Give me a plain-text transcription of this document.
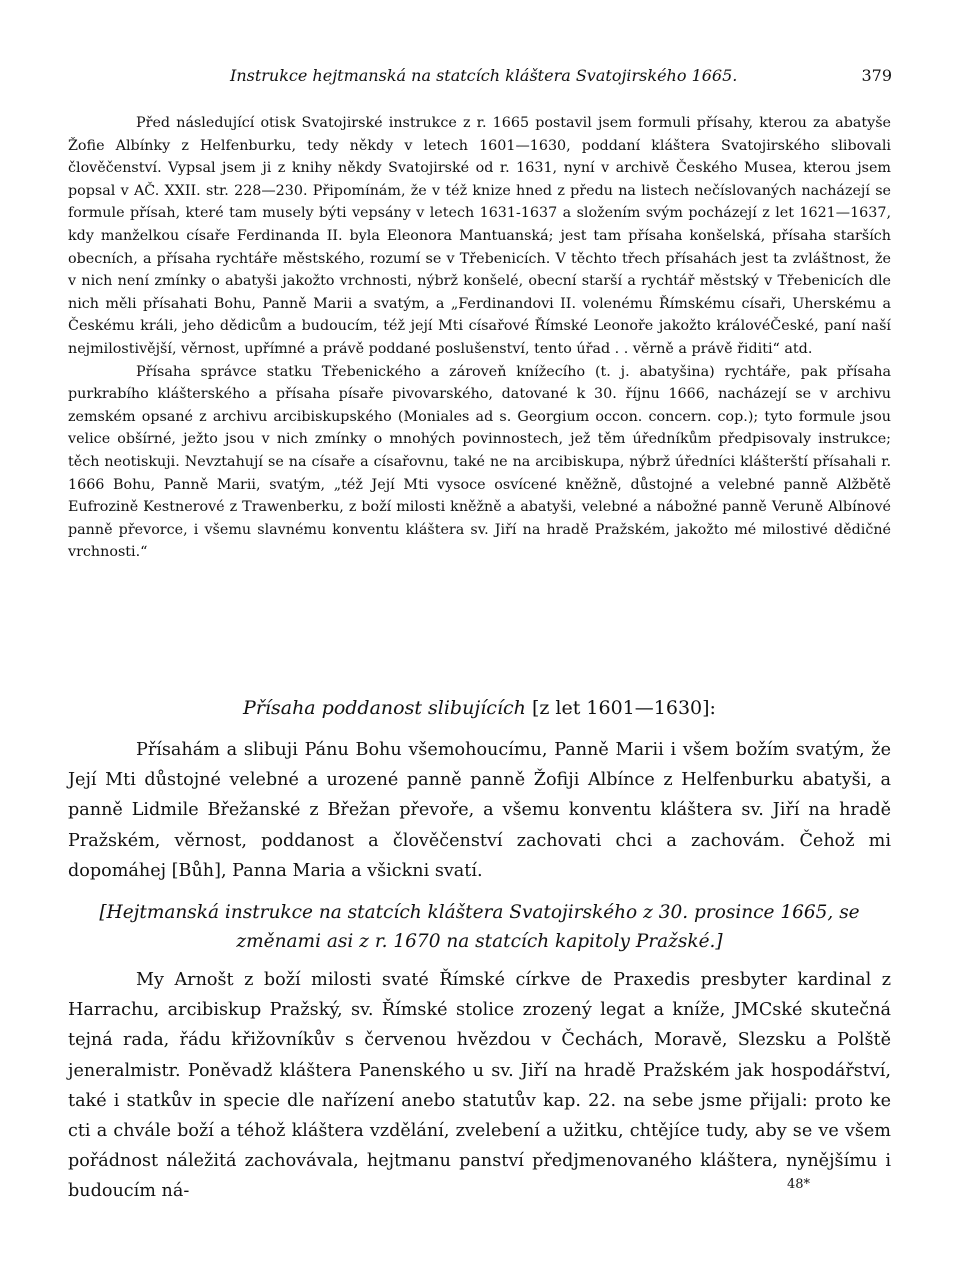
Instrukce hejtmanská na statcích kláštera Svatojirského 1665.	379

Před následující otisk Svatojirské instrukce z r. 1665 postavil jsem formuli přísahy, kterou za abatyše Žofie Albínky z Helfenburku, tedy někdy v letech 1601—1630, poddaní kláštera Svatojirského slibovali člověčenství. Vypsal jsem ji z knihy někdy Svatojirské od r. 1631, nyní v archivě Českého Musea, kterou jsem popsal v AČ. XXII. str. 228—230. Připomínám, že v též knize hned z předu na listech nečíslovaných nacházejí se formule přísah, které tam musely býti vepsány v letech 1631-1637 a složením svým pocházejí z let 1621—1637, kdy manželkou císaře Ferdinanda II. byla Eleonora Mantuanská; jest tam přísaha konšelská, přísaha starších obecních, a přísaha rychtáře městského, rozumí se v Třebenicích. V těchto třech přísahách jest ta zvláštnost, že v nich není zmínky o abatyši jakožto vrchnosti, nýbrž konšelé, obecní starší a rychtář městský v Třebenicích dle nich měli přísahati Bohu, Panně Marii a svatým, a „Ferdinandovi II. volenému Římskému císaři, Uherskému a Českému králi, jeho dědicům a budoucím, též její Mti císařové Římské Leonoře jakožto královéČeské, paní naší nejmilostivější, věrnost, upřímné a právě poddané poslušenství, tento úřad . . věrně a právě řiditi“ atd.

Přísaha správce statku Třebenického a zároveň knížecího (t. j. abatyšina) rychtáře, pak přísaha purkrabího klášterského a přísaha písaře pivovarského, datované k 30. říjnu 1666, nacházejí se v archivu zemském opsané z archivu arcibiskupského (Moniales ad s. Georgium occon. concern. cop.); tyto formule jsou velice obšírné, ježto jsou v nich zmínky o mnohých povinnostech, jež těm úředníkům předpisovaly instrukce; těch neotiskuji. Nevztahují se na císaře a císařovnu, také ne na arcibiskupa, nýbrž úředníci klášterští přísahali r. 1666 Bohu, Panně Marii, svatým, „též Její Mti vysoce osvícené kněžně, důstojné a velebné panně Alžbětě Eufrozině Kestnerové z Trawenberku, z boží milosti kněžně a abatyši, velebné a nábožné panně Veruně Albínové panně převorce, i všemu slavnému konventu kláštera sv. Jiří na hradě Pražském, jakožto mé milostivé dědičné vrchnosti.“

Přísaha poddanost slibujících [z let 1601—1630]:

Přísahám a slibuji Pánu Bohu všemohoucímu, Panně Marii i všem božím svatým, že Její Mti důstojné velebné a urozené panně panně Žofiji Albínce z Helfenburku abatyši, a panně Lidmile Břežanské z Břežan převoře, a všemu konventu kláštera sv. Jiří na hradě Pražském, věrnost, poddanost a člověčenství zachovati chci a zachovám. Čehož mi dopomáhej [Bůh], Panna Maria a všickni svatí.

[Hejtmanská instrukce na statcích kláštera Svatojirského z 30. prosince 1665, se změnami asi z r. 1670 na statcích kapitoly Pražské.]

My Arnošt z boží milosti svaté Římské církve de Praxedis presbyter kardinal z Harrachu, arcibiskup Pražský, sv. Římské stolice zrozený legat a kníže, JMCské skutečná tejná rada, řádu křižovníkův s červenou hvězdou v Čechách, Moravě, Slezsku a Polště jeneralmistr. Poněvadž kláštera Panenského u sv. Jiří na hradě Pražském jak hospodářství, také i statkův in specie dle nařízení anebo statutův kap. 22. na sebe jsme přijali: proto ke cti a chvále boží a téhož kláštera vzdělání, zvelebení a užitku, chtějíce tudy, aby se ve všem pořádnost náležitá zachovávala, hejtmanu panství předjmenovaného kláštera, nynějšímu i budoucím ná-	48*
